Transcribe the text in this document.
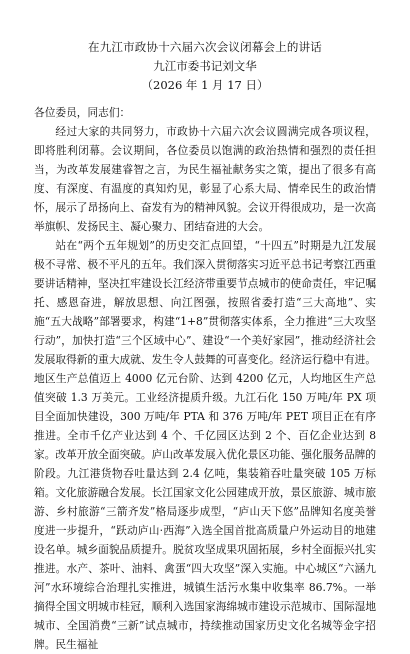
在九江市政协十六届六次会议闭幕会上的讲话
九江市委书记刘文华
（2026 年 1 月 17 日）

各位委员，同志们：

经过大家的共同努力，市政协十六届六次会议圆满完成各项议程，即将胜利闭幕。会议期间，各位委员以饱满的政治热情和强烈的责任担当，为改革发展建睿智之言，为民生福祉献务实之策，提出了很多有高度、有深度、有温度的真知灼见，彰显了心系大局、情牵民生的政治情怀，展示了昂扬向上、奋发有为的精神风貌。会议开得很成功，是一次高举旗帜、发扬民主、凝心聚力、团结奋进的大会。

站在“两个五年规划”的历史交汇点回望，“十四五”时期是九江发展极不寻常、极不平凡的五年。我们深入贯彻落实习近平总书记考察江西重要讲话精神，坚决扛牢建设长江经济带重要节点城市的使命责任，牢记嘱托、感恩奋进，解放思想、向江图强，按照省委打造“三大高地”、实施“五大战略”部署要求，构建“1+8”贯彻落实体系，全力推进“三大攻坚行动”，加快打造“三个区域中心”、建设“一个美好家园”，推动经济社会发展取得新的重大成就、发生令人鼓舞的可喜变化。经济运行稳中有进。地区生产总值迈上 4000 亿元台阶、达到 4200 亿元，人均地区生产总值突破 1.3 万美元。工业经济提质升级。九江石化 150 万吨/年 PX 项目全面加快建设，300 万吨/年 PTA 和 376 万吨/年 PET 项目正在有序推进。全市千亿产业达到 4 个、千亿园区达到 2 个、百亿企业达到 8 家。改革开放全面突破。庐山改革发展入优化景区功能、强化服务品牌的阶段。九江港货物吞吐量达到 2.4 亿吨，集装箱吞吐量突破 105 万标箱。文化旅游融合发展。长江国家文化公园建成开放，景区旅游、城市旅游、乡村旅游“三箭齐发”格局逐步成型，“庐山天下悠”品牌知名度美誉度进一步提升，“跃动庐山·西海”入选全国首批高质量户外运动目的地建设名单。城乡面貌品质提升。脱贫攻坚成果巩固拓展，乡村全面振兴扎实推进。水产、茶叶、油料、禽蛋“四大攻坚”深入实施。中心城区“六涵九河”水环境综合治理扎实推进，城镇生活污水集中收集率 86.7%。一举摘得全国文明城市桂冠，顺利入选国家海绵城市建设示范城市、国际湿地城市、全国消费“三新”试点城市，持续推动国家历史文化名城等金字招牌。民生福祉
